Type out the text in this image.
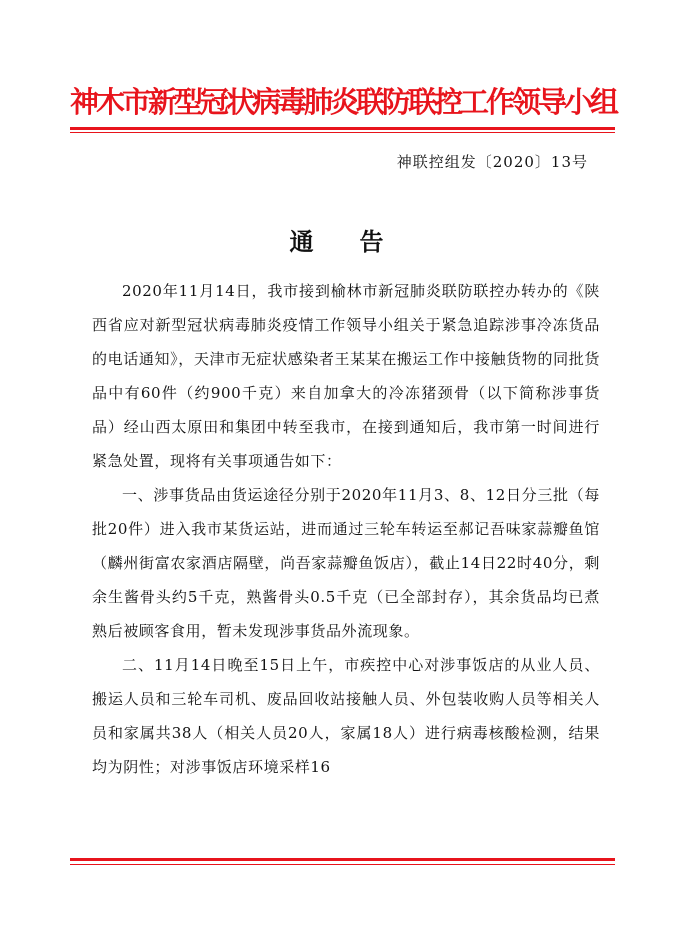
神木市新型冠状病毒肺炎联防联控工作领导小组
神联控组发〔2020〕13号
通告

2020年11月14日，我市接到榆林市新冠肺炎联防联控办转办的《陕西省应对新型冠状病毒肺炎疫情工作领导小组关于紧急追踪涉事冷冻货品的电话通知》，天津市无症状感染者王某某在搬运工作中接触货物的同批货品中有60件（约900千克）来自加拿大的冷冻猪颈骨（以下简称涉事货品）经山西太原田和集团中转至我市，在接到通知后，我市第一时间进行紧急处置，现将有关事项通告如下：

一、涉事货品由货运途径分别于2020年11月3、8、12日分三批（每批20件）进入我市某货运站，进而通过三轮车转运至郝记吾味家蒜瓣鱼馆（麟州街富农家酒店隔壁，尚吾家蒜瓣鱼饭店），截止14日22时40分，剩余生酱骨头约5千克，熟酱骨头0.5千克（已全部封存），其余货品均已煮熟后被顾客食用，暂未发现涉事货品外流现象。

二、11月14日晚至15日上午，市疾控中心对涉事饭店的从业人员、搬运人员和三轮车司机、废品回收站接触人员、外包装收购人员等相关人员和家属共38人（相关人员20人，家属18人）进行病毒核酸检测，结果均为阴性；对涉事饭店环境采样16
